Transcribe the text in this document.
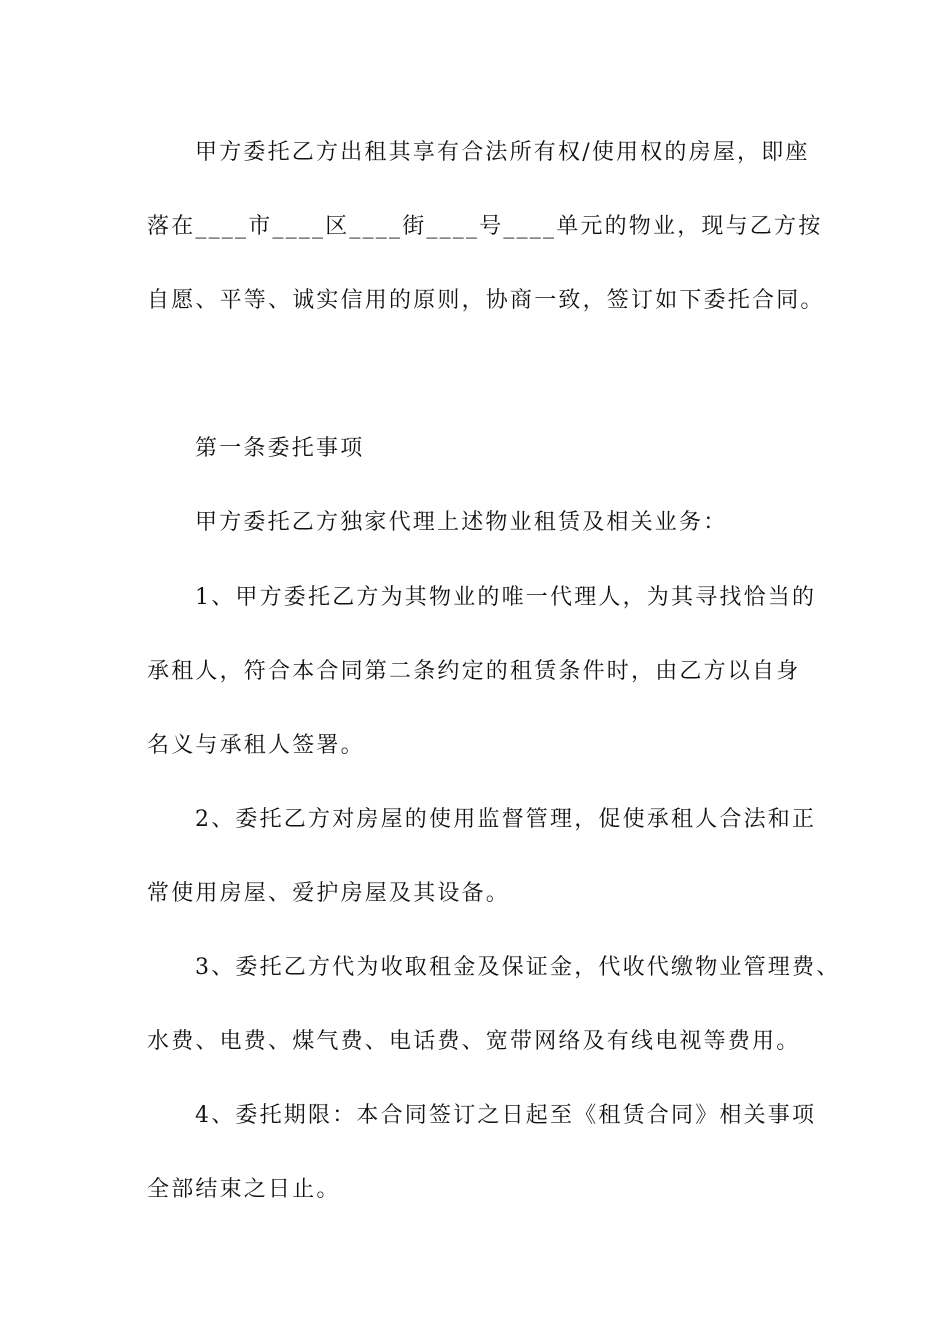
甲方委托乙方出租其享有合法所有权/使用权的房屋，即座
落在____市____区____街____号____单元的物业，现与乙方按
自愿、平等、诚实信用的原则，协商一致，签订如下委托合同。
第一条委托事项
甲方委托乙方独家代理上述物业租赁及相关业务：
1、甲方委托乙方为其物业的唯一代理人，为其寻找恰当的
承租人，符合本合同第二条约定的租赁条件时，由乙方以自身
名义与承租人签署。
2、委托乙方对房屋的使用监督管理，促使承租人合法和正
常使用房屋、爱护房屋及其设备。
3、委托乙方代为收取租金及保证金，代收代缴物业管理费、
水费、电费、煤气费、电话费、宽带网络及有线电视等费用。
4、委托期限：本合同签订之日起至《租赁合同》相关事项
全部结束之日止。
